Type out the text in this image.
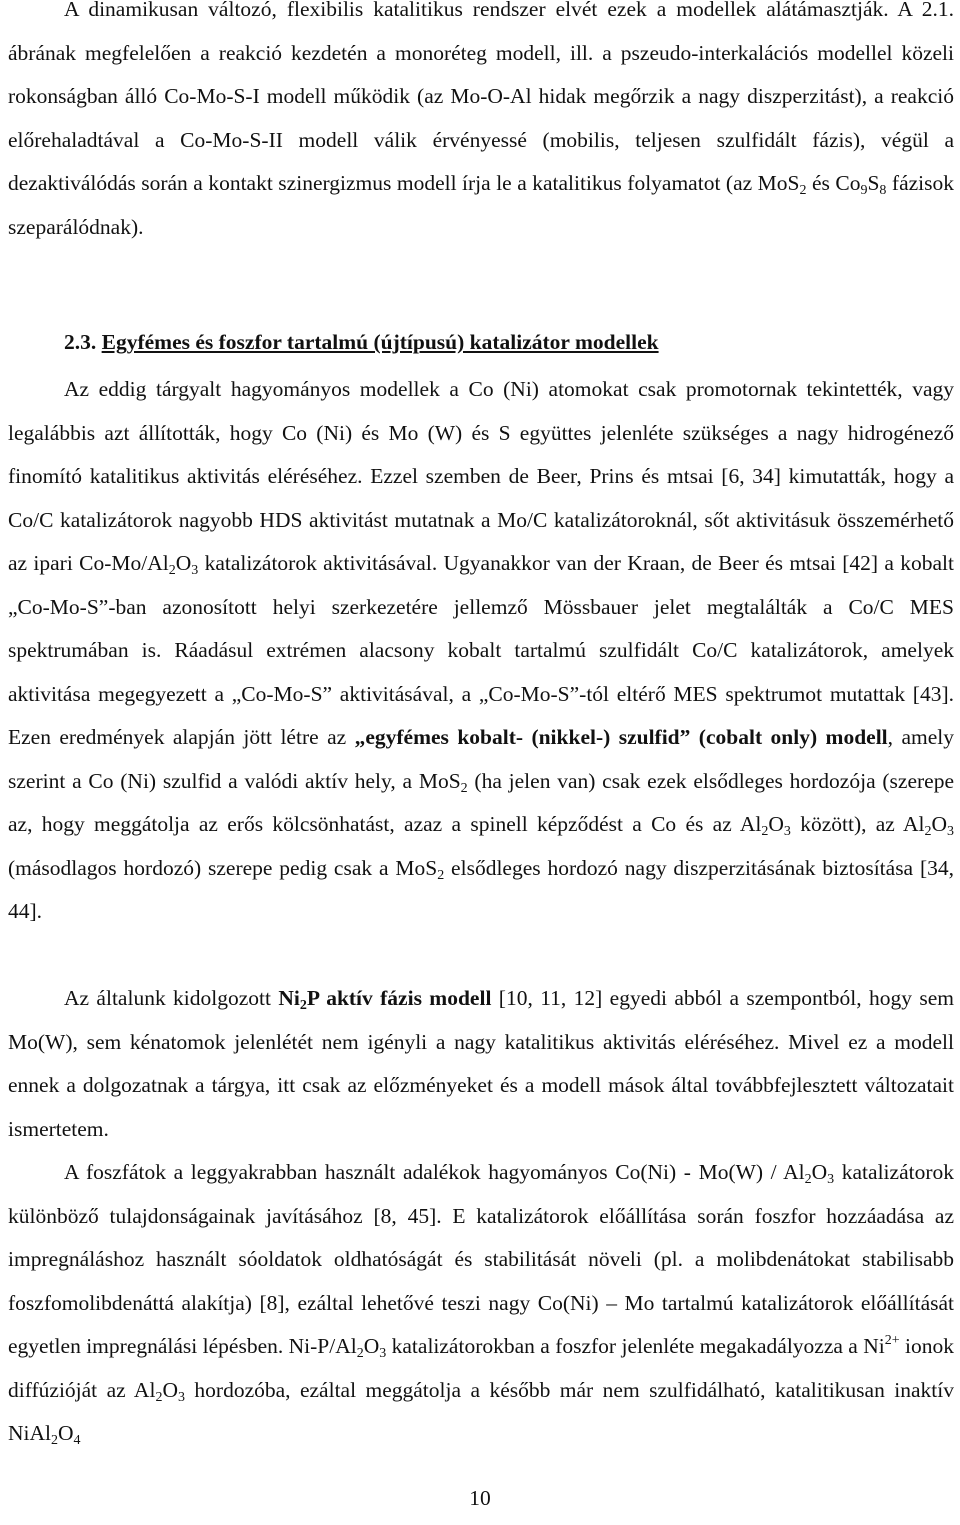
A dinamikusan változó, flexibilis katalitikus rendszer elvét ezek a modellek alátámasztják. A 2.1. ábrának megfelelően a reakció kezdetén a monoréteg modell, ill. a pszeudo-interkalációs modellel közeli rokonságban álló Co-Mo-S-I modell működik (az Mo-O-Al hidak megőrzik a nagy diszperzitást), a reakció előrehaladtával a Co-Mo-S-II modell válik érvényessé (mobilis, teljesen szulfidált fázis), végül a dezaktiválódás során a kontakt szinergizmus modell írja le a katalitikus folyamatot (az MoS$_2$ és $Co_9S_8$ fázisok szeparálódnak).

2.3. Egyfémes és foszfor tartalmú (újtípusú) katalizátor modellek

Az eddig tárgyalt hagyományos modellek a Co (Ni) atomokat csak promotornak tekintették, vagy legalábbis azt állították, hogy Co (Ni) és Mo (W) és S együttes jelenléte szükséges a nagy hidrogénező finomító katalitikus aktivitás eléréséhez. Ezzel szemben de Beer, Prins és mtsai [6, 34] kimutatták, hogy a Co/C katalizátorok nagyobb HDS aktivitást mutatnak a Mo/C katalizátoroknál, sőt aktivitásuk összemérhető az ipari $Co-Mo/Al_2O_3$ katalizátorok aktivitásával. Ugyanakkor van der Kraan, de Beer és mtsai [42] a kobalt „Co-Mo-S”-ban azonosított helyi szerkezetére jellemző Mössbauer jelet megtalálták a Co/C MES spektrumában is. Ráadásul extrémen alacsony kobalt tartalmú szulfidált Co/C katalizátorok, amelyek aktivitása megegyezett a „Co-Mo-S” aktivitásával, a „Co-Mo-S”-tól eltérő MES spektrumot mutattak [43]. Ezen eredmények alapján jött létre az „egyfémes kobalt- (nikkel-) szulfid” (cobalt only) modell, amely szerint a Co (Ni) szulfid a valódi aktív hely, a MoS$_2$ (ha jelen van) csak ezek elsődleges hordozója (szerepe az, hogy meggátolja az erős kölcsönhatást, azaz a spinell képződést a Co és az $Al_2O_3$ között), az $Al_2O_3$ (másodlagos hordozó) szerepe pedig csak a MoS$_2$ elsődleges hordozó nagy diszperzitásának biztosítása [34, 44].

Az általunk kidolgozott $Ni_2P$ aktív fázis modell [10, 11, 12] egyedi abból a szempontból, hogy sem Mo(W), sem kénatomok jelenlétét nem igényli a nagy katalitikus aktivitás eléréséhez. Mivel ez a modell ennek a dolgozatnak a tárgya, itt csak az előzményeket és a modell mások által továbbfejlesztett változatait ismertetem.

A foszfátok a leggyakrabban használt adalékok hagyományos $Co(Ni) - Mo(W) / Al_2O_3$ katalizátorok különböző tulajdonságainak javításához [8, 45]. E katalizátorok előállítása során foszfor hozzáadása az impregnáláshoz használt sóoldatok oldhatóságát és stabilitását növeli (pl. a molibdenátokat stabilisabb foszfomolibdenáttá alakítja) [8], ezáltal lehetővé teszi nagy Co(Ni) – Mo tartalmú katalizátorok előállítását egyetlen impregnálási lépésben. $Ni-P/Al_2O_3$ katalizátorokban a foszfor jelenléte megakadályozza a $Ni^{2+}$ ionok diffúzióját az $Al_2O_3$ hordozóba, ezáltal meggátolja a később már nem szulfidálható, katalitikusan inaktív $NiAl_2O_4$

10
